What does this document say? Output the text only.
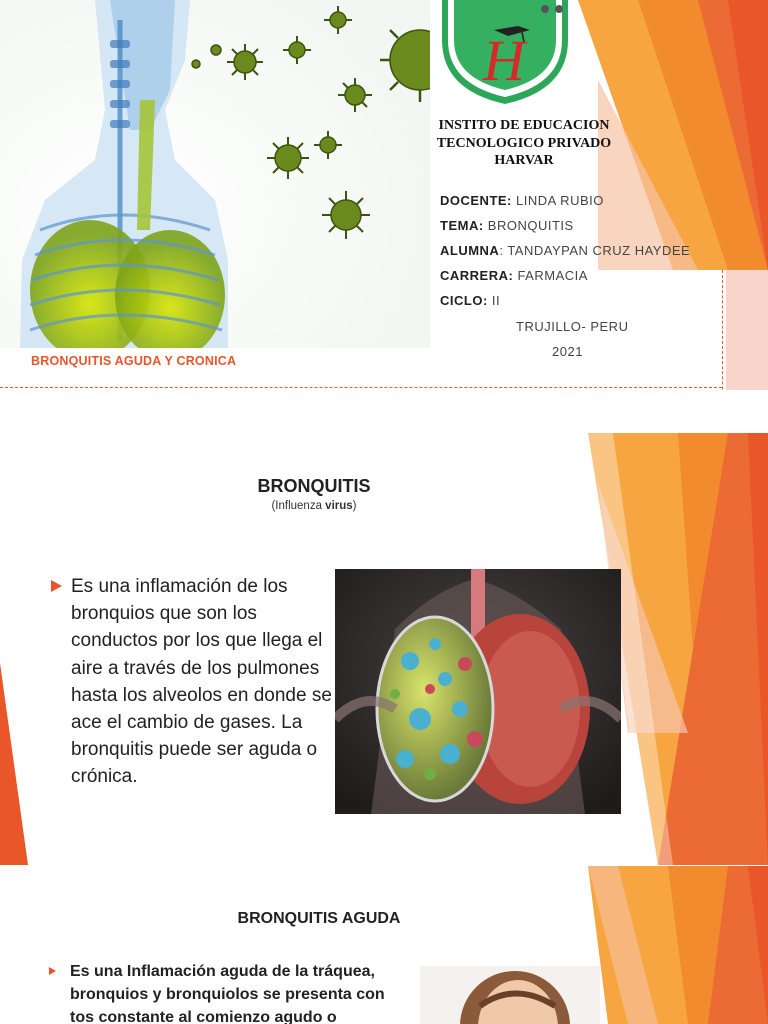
BRONQUITIS AGUDA Y CRONICA
H
INSTITO DE EDUCACION
TECNOLOGICO PRIVADO
HARVAR
DOCENTE: LINDA RUBIO
TEMA: BRONQUITIS
ALUMNA: TANDAYPAN CRUZ HAYDEE
CARRERA: FARMACIA
CICLO: II
TRUJILLO- PERU
2021
BRONQUITIS
(Influenza virus)
Es una inflamación de los bronquios que son los conductos por los que llega el aire a través de los pulmones hasta los alveolos en donde se ace el cambio de gases. La bronquitis puede ser aguda o crónica.
BRONQUITIS AGUDA
Es una Inflamación aguda de la tráquea, bronquios y bronquiolos se presenta con tos constante al comienzo agudo o
